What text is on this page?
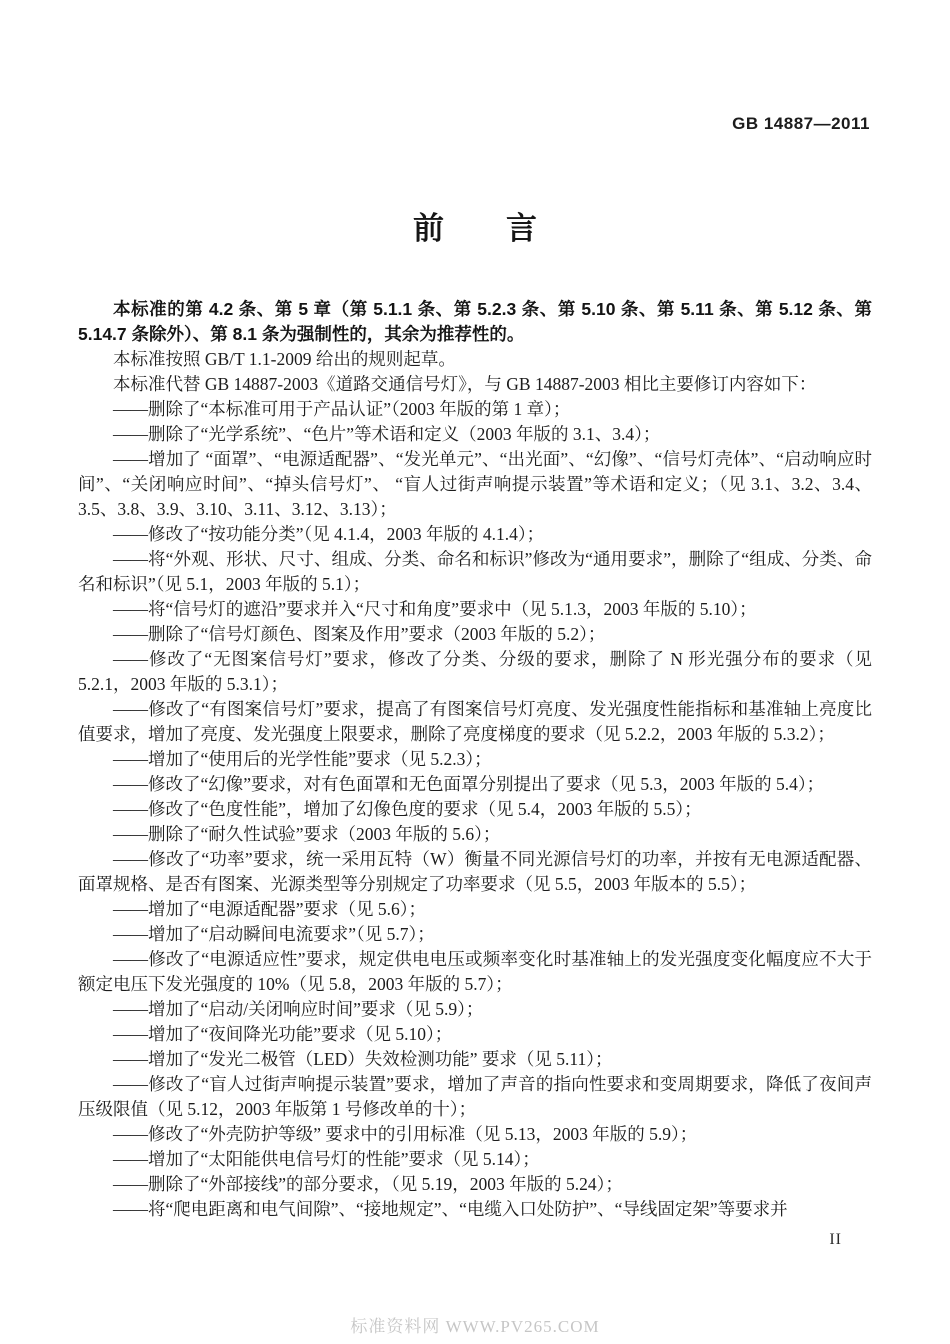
GB 14887—2011
前　　言

本标准的第 4.2 条、第 5 章（第 5.1.1 条、第 5.2.3 条、第 5.10 条、第 5.11 条、第 5.12 条、第 5.14.7 条除外）、第 8.1 条为强制性的，其余为推荐性的。

本标准按照 GB/T 1.1-2009 给出的规则起草。

本标准代替 GB 14887-2003《道路交通信号灯》，与 GB 14887-2003 相比主要修订内容如下：

——删除了“本标准可用于产品认证”（2003 年版的第 1 章）；

——删除了“光学系统”、“色片”等术语和定义（2003 年版的 3.1、3.4）；

——增加了 “面罩”、“电源适配器”、“发光单元”、“出光面”、“幻像”、“信号灯壳体”、“启动响应时间”、“关闭响应时间”、“掉头信号灯”、 “盲人过街声响提示装置”等术语和定义；（见 3.1、3.2、3.4、3.5、3.8、3.9、3.10、3.11、3.12、3.13）；

——修改了“按功能分类”（见 4.1.4，2003 年版的 4.1.4）；

——将“外观、形状、尺寸、组成、分类、命名和标识”修改为“通用要求”，删除了“组成、分类、命名和标识”（见 5.1，2003 年版的 5.1）；

——将“信号灯的遮沿”要求并入“尺寸和角度”要求中（见 5.1.3，2003 年版的 5.10）；

——删除了“信号灯颜色、图案及作用”要求（2003 年版的 5.2）；

——修改了“无图案信号灯”要求，修改了分类、分级的要求，删除了 N 形光强分布的要求（见 5.2.1，2003 年版的 5.3.1）；

——修改了“有图案信号灯”要求，提高了有图案信号灯亮度、发光强度性能指标和基准轴上亮度比值要求，增加了亮度、发光强度上限要求，删除了亮度梯度的要求（见 5.2.2，2003 年版的 5.3.2）；

——增加了“使用后的光学性能”要求（见 5.2.3）；

——修改了“幻像”要求，对有色面罩和无色面罩分别提出了要求（见 5.3，2003 年版的 5.4）；

——修改了“色度性能”，增加了幻像色度的要求（见 5.4，2003 年版的 5.5）；

——删除了“耐久性试验”要求（2003 年版的 5.6）；

——修改了“功率”要求，统一采用瓦特（W）衡量不同光源信号灯的功率，并按有无电源适配器、面罩规格、是否有图案、光源类型等分别规定了功率要求（见 5.5，2003 年版本的 5.5）；

——增加了“电源适配器”要求（见 5.6）；

——增加了“启动瞬间电流要求”（见 5.7）；

——修改了“电源适应性”要求，规定供电电压或频率变化时基准轴上的发光强度变化幅度应不大于额定电压下发光强度的 10%（见 5.8，2003 年版的 5.7）；

——增加了“启动/关闭响应时间”要求（见 5.9）；

——增加了“夜间降光功能”要求（见 5.10）；

——增加了“发光二极管（LED）失效检测功能” 要求（见 5.11）；

——修改了“盲人过街声响提示装置”要求，增加了声音的指向性要求和变周期要求，降低了夜间声压级限值（见 5.12，2003 年版第 1 号修改单的十）；

——修改了“外壳防护等级” 要求中的引用标准（见 5.13，2003 年版的 5.9）；

——增加了“太阳能供电信号灯的性能”要求（见 5.14）；

——删除了“外部接线”的部分要求，（见 5.19，2003 年版的 5.24）；

——将“爬电距离和电气间隙”、“接地规定”、“电缆入口处防护”、“导线固定架”等要求并

II
标准资料网 WWW.PV265.COM
